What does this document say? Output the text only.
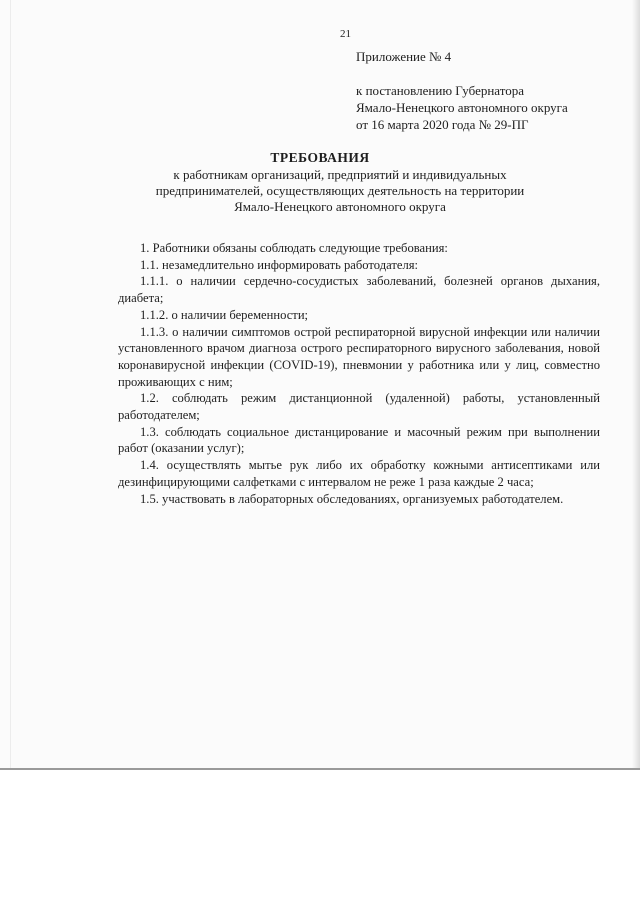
21
Приложение № 4
к постановлению Губернатора
Ямало-Ненецкого автономного округа
от 16 марта 2020 года № 29-ПГ
ТРЕБОВАНИЯ
к работникам организаций, предприятий и индивидуальных
предпринимателей, осуществляющих деятельность на территории
Ямало-Ненецкого автономного округа

1. Работники обязаны соблюдать следующие требования:

1.1. незамедлительно информировать работодателя:

1.1.1. о наличии сердечно-сосудистых заболеваний, болезней органов дыхания, диабета;

1.1.2. о наличии беременности;

1.1.3. о наличии симптомов острой респираторной вирусной инфекции или наличии установленного врачом диагноза острого респираторного вирусного заболевания, новой коронавирусной инфекции (COVID-19), пневмонии у работника или у лиц, совместно проживающих с ним;

1.2. соблюдать режим дистанционной (удаленной) работы, установленный работодателем;

1.3. соблюдать социальное дистанцирование и масочный режим при выполнении работ (оказании услуг);

1.4. осуществлять мытье рук либо их обработку кожными антисептиками или дезинфицирующими салфетками с интервалом не реже 1 раза каждые 2 часа;

1.5. участвовать в лабораторных обследованиях, организуемых работодателем.
